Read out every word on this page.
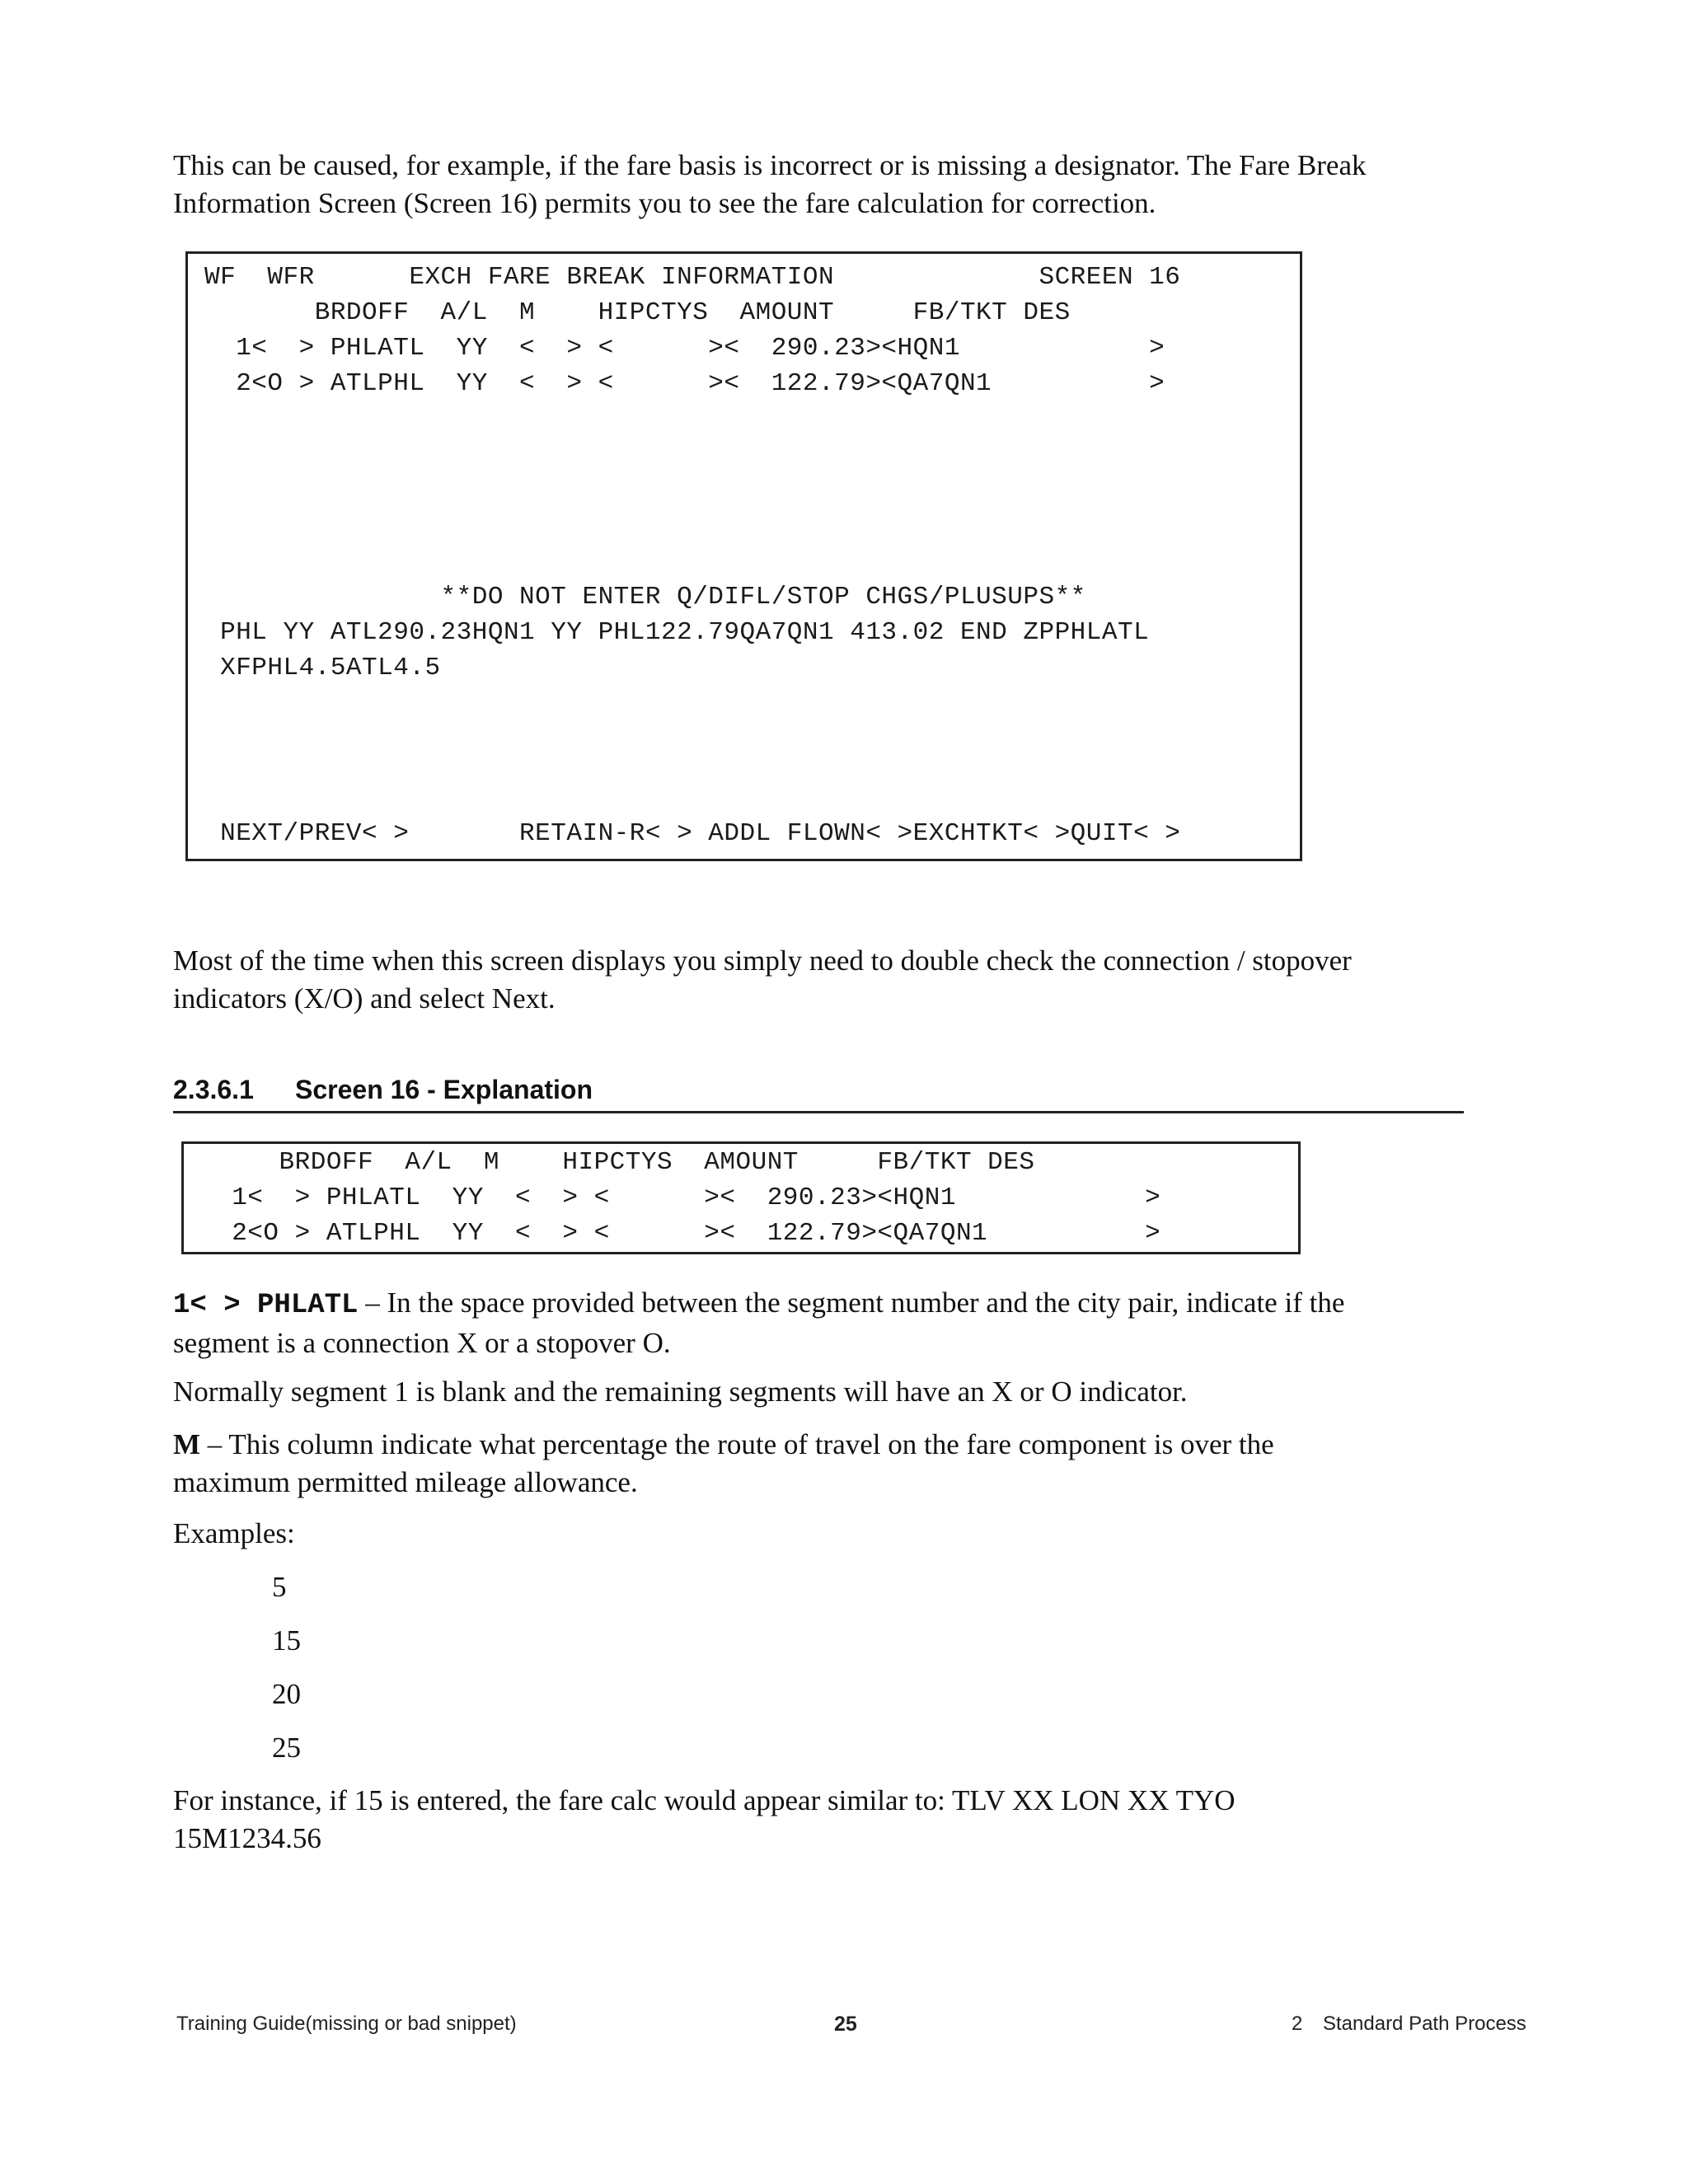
This can be caused, for example, if the fare basis is incorrect or is missing a designator. The Fare Break
Information Screen (Screen 16) permits you to see the fare calculation for correction.
WF  WFR      EXCH FARE BREAK INFORMATION             SCREEN 16
BRDOFF  A/L  M    HIPCTYS  AMOUNT     FB/TKT DES
1<  > PHLATL  YY  <  > <      ><  290.23><HQN1            >
2<O > ATLPHL  YY  <  > <      ><  122.79><QA7QN1          >
**DO NOT ENTER Q/DIFL/STOP CHGS/PLUSUPS**
PHL YY ATL290.23HQN1 YY PHL122.79QA7QN1 413.02 END ZPPHLATL
XFPHL4.5ATL4.5
NEXT/PREV< >       RETAIN-R< > ADDL FLOWN< >EXCHTKT< >QUIT< >
Most of the time when this screen displays you simply need to double check the connection / stopover
indicators (X/O) and select Next.
2.3.6.1 Screen 16 - Explanation
BRDOFF  A/L  M    HIPCTYS  AMOUNT     FB/TKT DES
1<  > PHLATL  YY  <  > <      ><  290.23><HQN1            >
2<O > ATLPHL  YY  <  > <      ><  122.79><QA7QN1          >
1< > PHLATL – In the space provided between the segment number and the city pair, indicate if the
segment is a connection X or a stopover O.
Normally segment 1 is blank and the remaining segments will have an X or O indicator.
M – This column indicate what percentage the route of travel on the fare component is over the
maximum permitted mileage allowance.
Examples:
5
15
20
25
For instance, if 15 is entered, the fare calc would appear similar to: TLV XX LON XX TYO
15M1234.56
Training Guide(missing or bad snippet)	25	2 Standard Path Process
